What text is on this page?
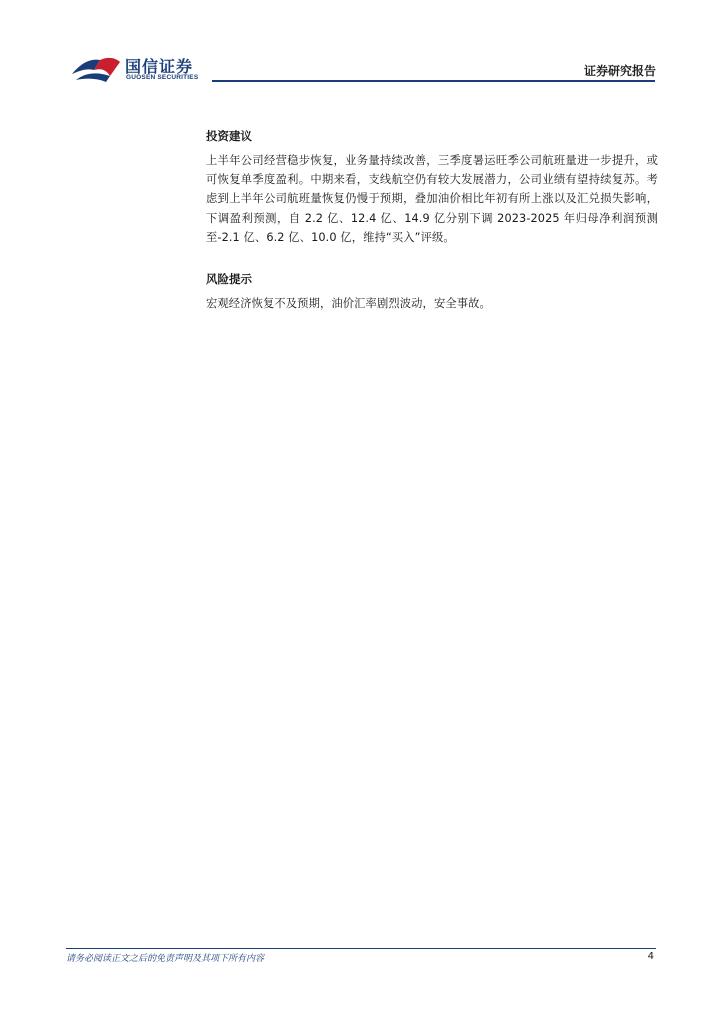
国信证券
GUOSEN SECURITIES	证券研究报告
投资建议

上半年公司经营稳步恢复，业务量持续改善，三季度暑运旺季公司航班量进一步提升，或可恢复单季度盈利。中期来看，支线航空仍有较大发展潜力，公司业绩有望持续复苏。考虑到上半年公司航班量恢复仍慢于预期，叠加油价相比年初有所上涨以及汇兑损失影响，下调盈利预测，自 2.2 亿、12.4 亿、14.9 亿分别下调 2023-2025 年归母净利润预测至-2.1 亿、6.2 亿、10.0 亿，维持“买入”评级。

风险提示

宏观经济恢复不及预期，油价汇率剧烈波动，安全事故。

请务必阅读正文之后的免责声明及其项下所有内容	4
